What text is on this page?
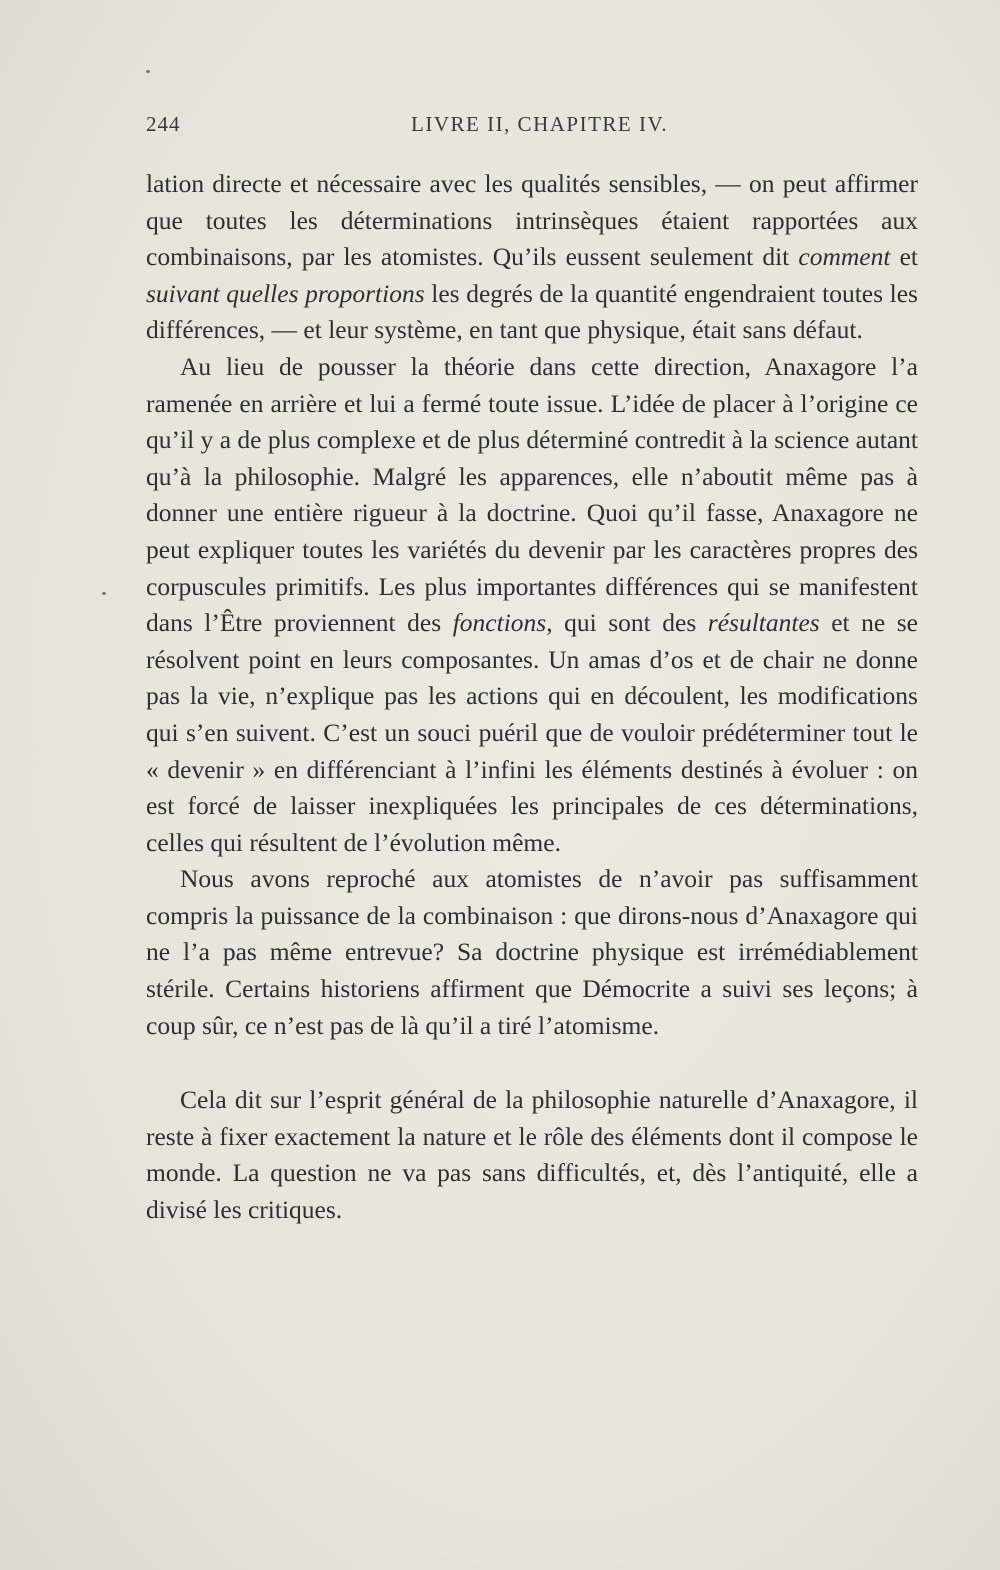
244	LIVRE II, CHAPITRE IV.

lation directe et nécessaire avec les qualités sensibles, — on peut affirmer que toutes les déterminations intrinsèques étaient rapportées aux combinaisons, par les atomistes. Qu’ils eussent seulement dit comment et suivant quelles proportions les degrés de la quantité engendraient toutes les différences, — et leur système, en tant que physique, était sans défaut.

Au lieu de pousser la théorie dans cette direction, Anaxagore l’a ramenée en arrière et lui a fermé toute issue. L’idée de placer à l’origine ce qu’il y a de plus complexe et de plus déterminé contredit à la science autant qu’à la philosophie. Malgré les apparences, elle n’aboutit même pas à donner une entière rigueur à la doctrine. Quoi qu’il fasse, Anaxagore ne peut expliquer toutes les variétés du devenir par les caractères propres des corpuscules primitifs. Les plus importantes différences qui se manifestent dans l’Être proviennent des fonctions, qui sont des résultantes et ne se résolvent point en leurs composantes. Un amas d’os et de chair ne donne pas la vie, n’explique pas les actions qui en découlent, les modifications qui s’en suivent. C’est un souci puéril que de vouloir prédéterminer tout le « devenir » en différenciant à l’infini les éléments destinés à évoluer : on est forcé de laisser inexpliquées les principales de ces déterminations, celles qui résultent de l’évolution même.

Nous avons reproché aux atomistes de n’avoir pas suffisamment compris la puissance de la combinaison : que dirons-nous d’Anaxagore qui ne l’a pas même entrevue? Sa doctrine physique est irrémédiablement stérile. Certains historiens affirment que Démocrite a suivi ses leçons; à coup sûr, ce n’est pas de là qu’il a tiré l’atomisme.

Cela dit sur l’esprit général de la philosophie naturelle d’Anaxagore, il reste à fixer exactement la nature et le rôle des éléments dont il compose le monde. La question ne va pas sans difficultés, et, dès l’antiquité, elle a divisé les critiques.
